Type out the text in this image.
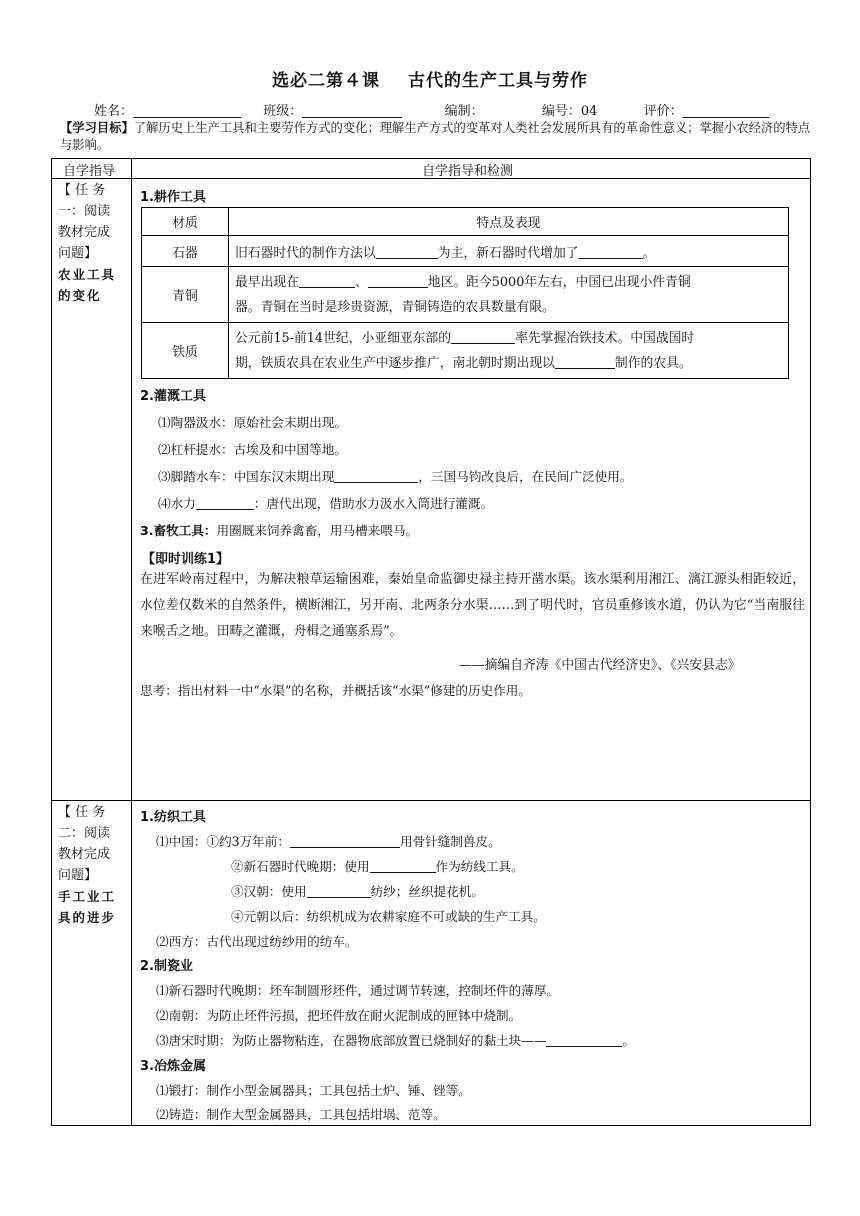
选必二第４课 古代的生产工具与劳作
姓名：	班级：	编制：	编号：04	评价：
【学习目标】了解历史上生产工具和主要劳作方式的变化；理解生产方式的变革对人类社会发展所具有的革命性意义；掌握小农经济的特点与影响。
自学指导	自学指导和检测
【 任 务
一：阅读
教材完成
问题】
农业工具
的变化
1.耕作工具
材质	特点及表现
石器	旧石器时代的制作方法以 为主，新石器时代增加了 。
青铜	最早出现在 、 地区。距今5000年左右，中国已出现小件青铜
器。青铜在当时是珍贵资源，青铜铸造的农具数量有限。
铁质	公元前15-前14世纪，小亚细亚东部的 率先掌握冶铁技术。中国战国时
期，铁质农具在农业生产中逐步推广，南北朝时期出现以 制作的农具。
2.灌溉工具
⑴陶器汲水：原始社会末期出现。
⑵杠杆提水：古埃及和中国等地。
⑶脚踏水车：中国东汉末期出现	，三国马钧改良后，在民间广泛使用。
⑷水力	：唐代出现，借助水力汲水入筒进行灌溉。
3.畜牧工具：用圈厩来饲养禽畜，用马槽来喂马。
【即时训练1】
在进军岭南过程中，为解决粮草运输困难，秦始皇命监御史禄主持开凿水渠。该水渠利用湘江、漓江源头相距较近，水位差仅数米的自然条件，横断湘江，另开南、北两条分水渠……到了明代时，官员重修该水道，仍认为它“当南服往来喉舌之地。田畴之灌溉，舟楫之通塞系焉”。
——摘编自齐涛《中国古代经济史》、《兴安县志》
思考：指出材料一中“水渠”的名称，并概括该“水渠”修建的历史作用。
【 任 务
二：阅读
教材完成
问题】
手工业工
具的进步
1.纺织工具
⑴中国：①约3万年前：	用骨针缝制兽皮。
②新石器时代晚期：使用	作为纺线工具。
③汉朝：使用	纺纱；丝织提花机。
④元朝以后：纺织机成为农耕家庭不可或缺的生产工具。
⑵西方：古代出现过纺纱用的纺车。
2.制瓷业
⑴新石器时代晚期：坯车制圆形坯件，通过调节转速，控制坯件的薄厚。
⑵南朝：为防止坯件污损，把坯件放在耐火泥制成的匣钵中烧制。
⑶唐宋时期：为防止器物粘连，在器物底部放置已烧制好的黏土块——	。
3.冶炼金属
⑴锻打：制作小型金属器具；工具包括土炉、锤、锉等。
⑵铸造：制作大型金属器具，工具包括坩埚、范等。
